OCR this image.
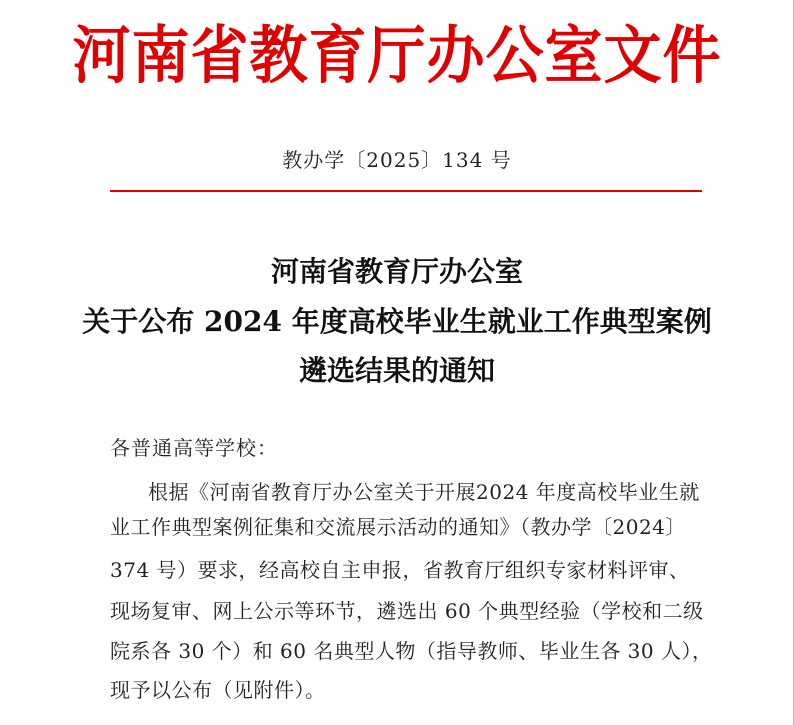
河南省教育厅办公室文件
教办学〔2025〕134 号
河南省教育厅办公室
关于公布 2024 年度高校毕业生就业工作典型案例
遴选结果的通知
各普通高等学校：
根据《河南省教育厅办公室关于开展2024 年度高校毕业生就
业工作典型案例征集和交流展示活动的通知》（教办学〔2024〕
374 号）要求，经高校自主申报，省教育厅组织专家材料评审、
现场复审、网上公示等环节，遴选出 60 个典型经验（学校和二级
院系各 30 个）和 60 名典型人物（指导教师、毕业生各 30 人），
现予以公布（见附件）。
